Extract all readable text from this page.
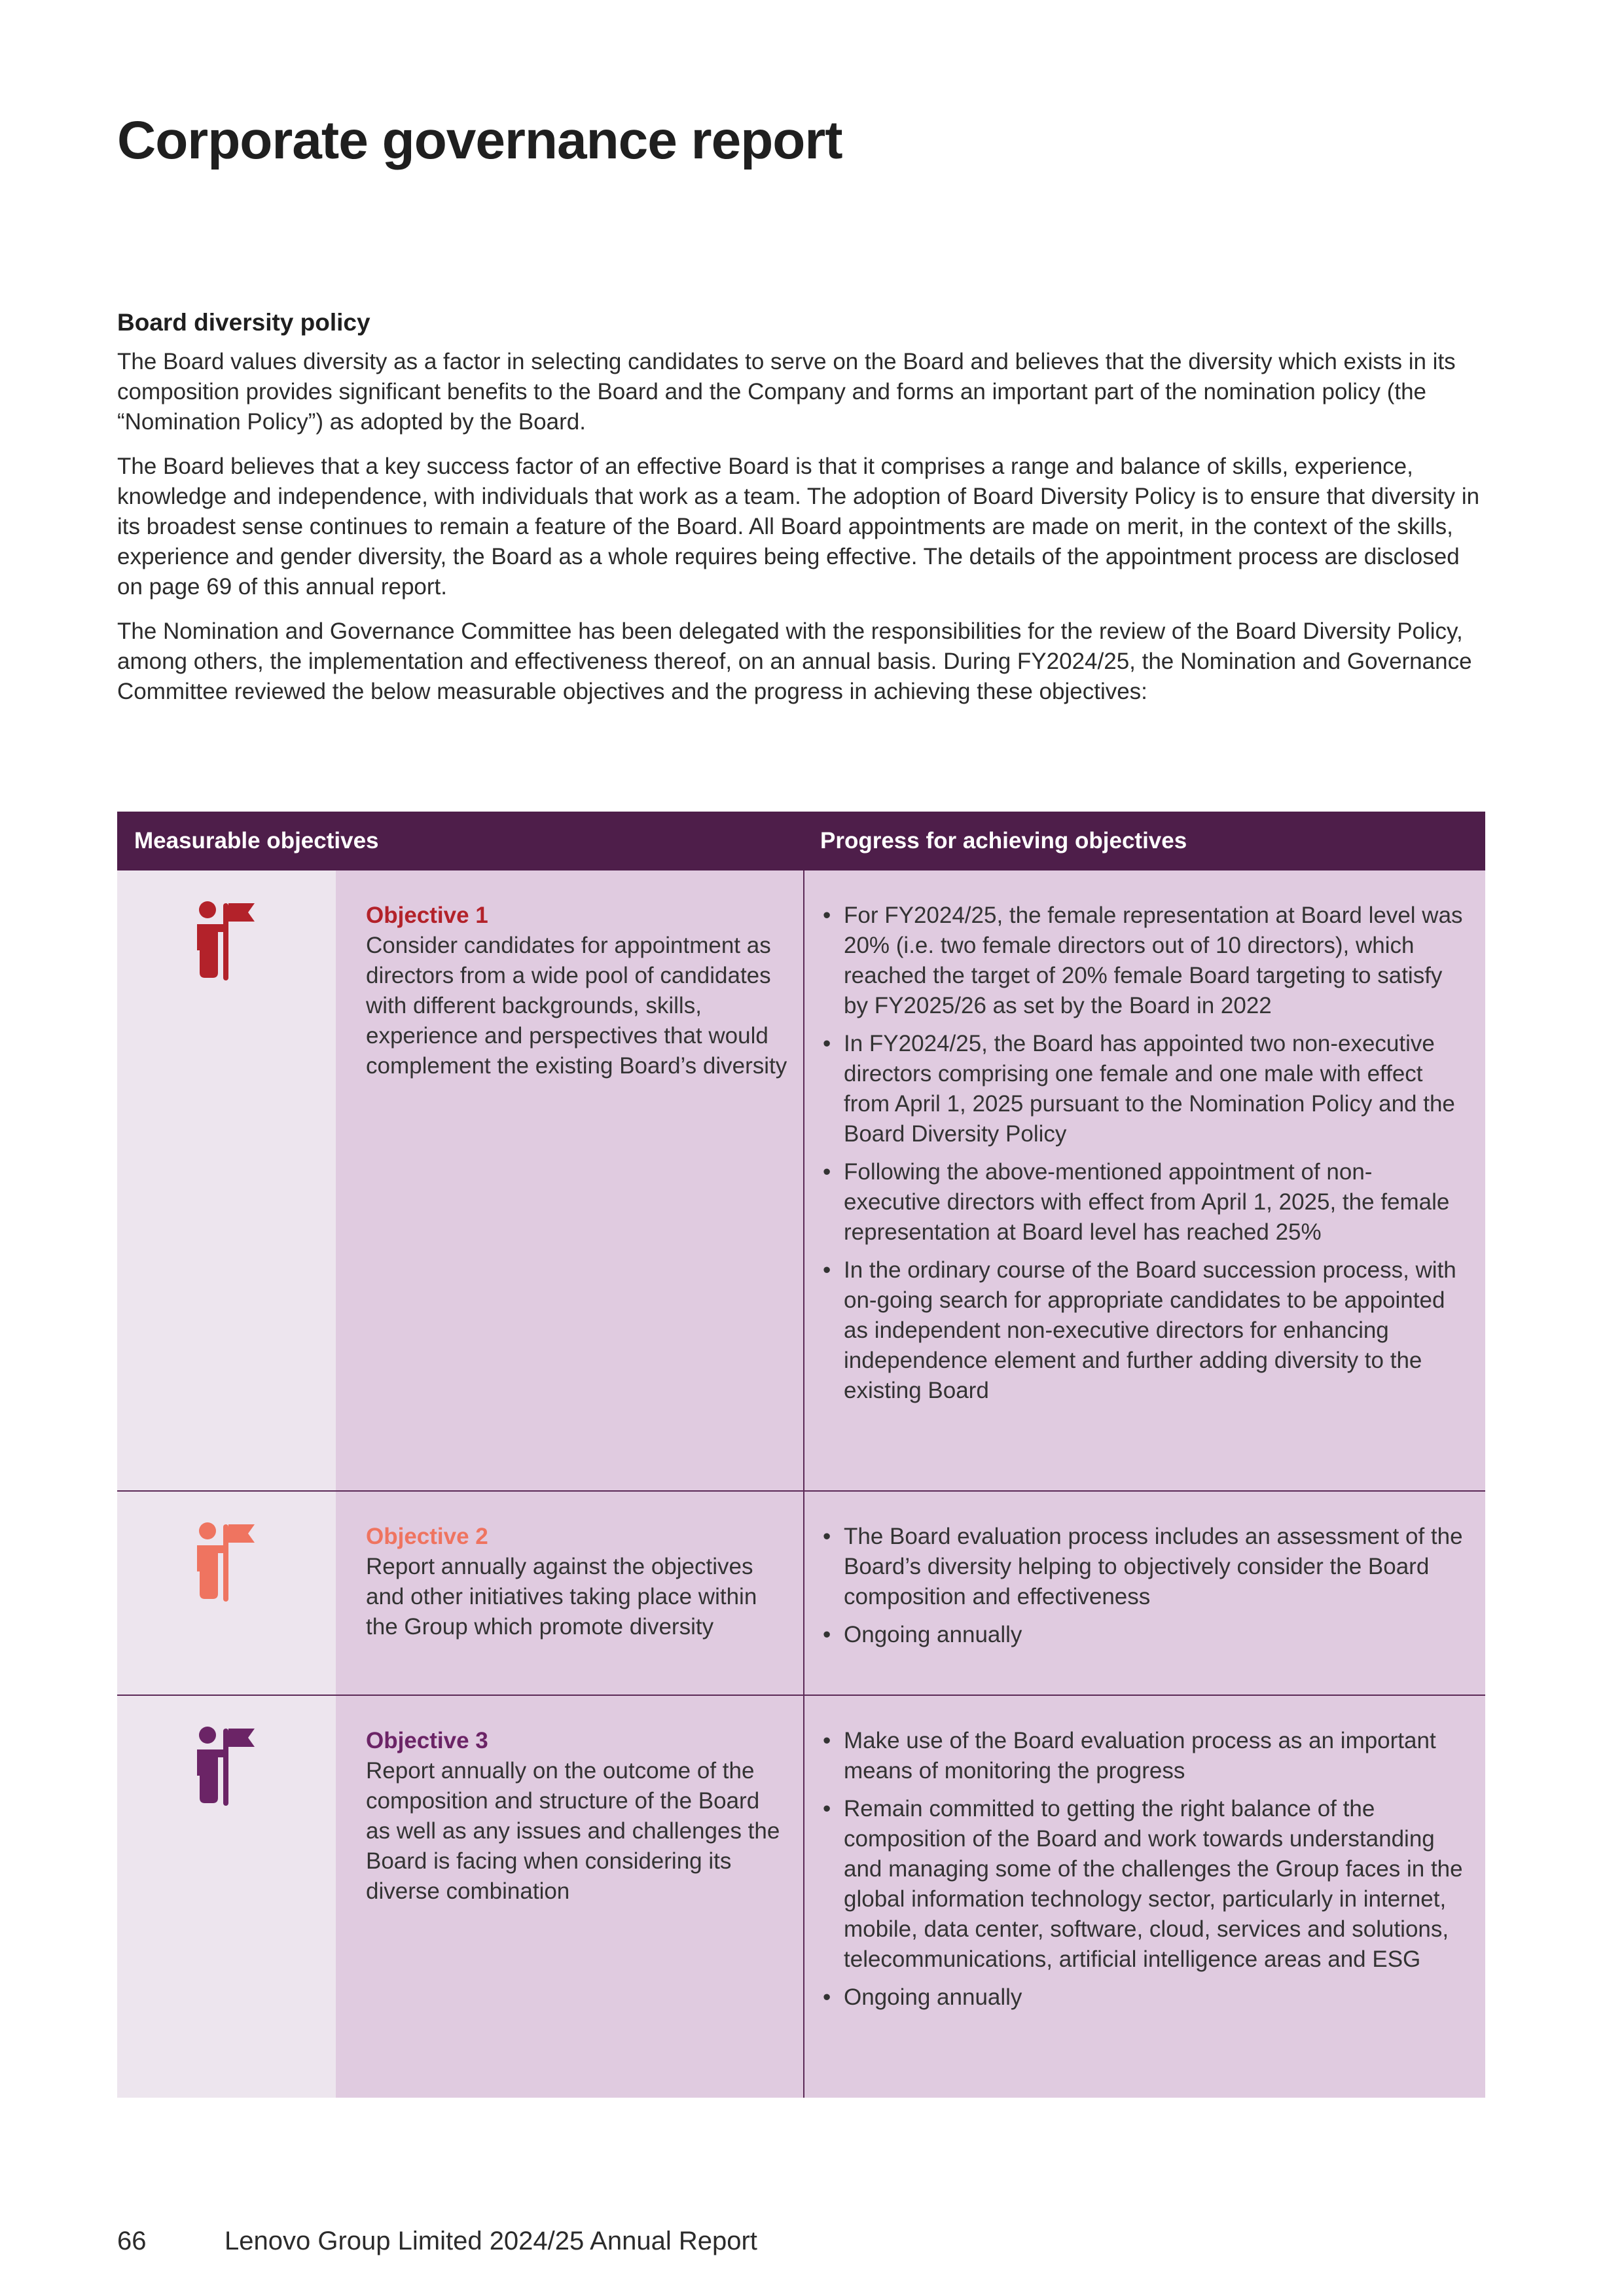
Corporate governance report
Board diversity policy

The Board values diversity as a factor in selecting candidates to serve on the Board and believes that the diversity which exists in its composition provides significant benefits to the Board and the Company and forms an important part of the nomination policy (the “Nomination Policy”) as adopted by the Board.

The Board believes that a key success factor of an effective Board is that it comprises a range and balance of skills, experience, knowledge and independence, with individuals that work as a team. The adoption of Board Diversity Policy is to ensure that diversity in its broadest sense continues to remain a feature of the Board. All Board appointments are made on merit, in the context of the skills, experience and gender diversity, the Board as a whole requires being effective. The details of the appointment process are disclosed on page 69 of this annual report.

The Nomination and Governance Committee has been delegated with the responsibilities for the review of the Board Diversity Policy, among others, the implementation and effectiveness thereof, on an annual basis. During FY2024/25, the Nomination and Governance Committee reviewed the below measurable objectives and the progress in achieving these objectives:

Measurable objectives	Progress for achieving objectives
Objective 1
Consider candidates for appointment as directors from a wide pool of candidates with different backgrounds, skills, experience and perspectives that would complement the existing Board’s diversity
• For FY2024/25, the female representation at Board level was 20% (i.e. two female directors out of 10 directors), which reached the target of 20% female Board targeting to satisfy by FY2025/26 as set by the Board in 2022
• In FY2024/25, the Board has appointed two non-executive directors comprising one female and one male with effect from April 1, 2025 pursuant to the Nomination Policy and the Board Diversity Policy
• Following the above-mentioned appointment of non-executive directors with effect from April 1, 2025, the female representation at Board level has reached 25%
• In the ordinary course of the Board succession process, with on-going search for appropriate candidates to be appointed as independent non-executive directors for enhancing independence element and further adding diversity to the existing Board
Objective 2
Report annually against the objectives and other initiatives taking place within the Group which promote diversity
• The Board evaluation process includes an assessment of the Board’s diversity helping to objectively consider the Board composition and effectiveness
• Ongoing annually
Objective 3
Report annually on the outcome of the composition and structure of the Board as well as any issues and challenges the Board is facing when considering its diverse combination
• Make use of the Board evaluation process as an important means of monitoring the progress
• Remain committed to getting the right balance of the composition of the Board and work towards understanding and managing some of the challenges the Group faces in the global information technology sector, particularly in internet, mobile, data center, software, cloud, services and solutions, telecommunications, artificial intelligence areas and ESG
• Ongoing annually
66	Lenovo Group Limited 2024/25 Annual Report
